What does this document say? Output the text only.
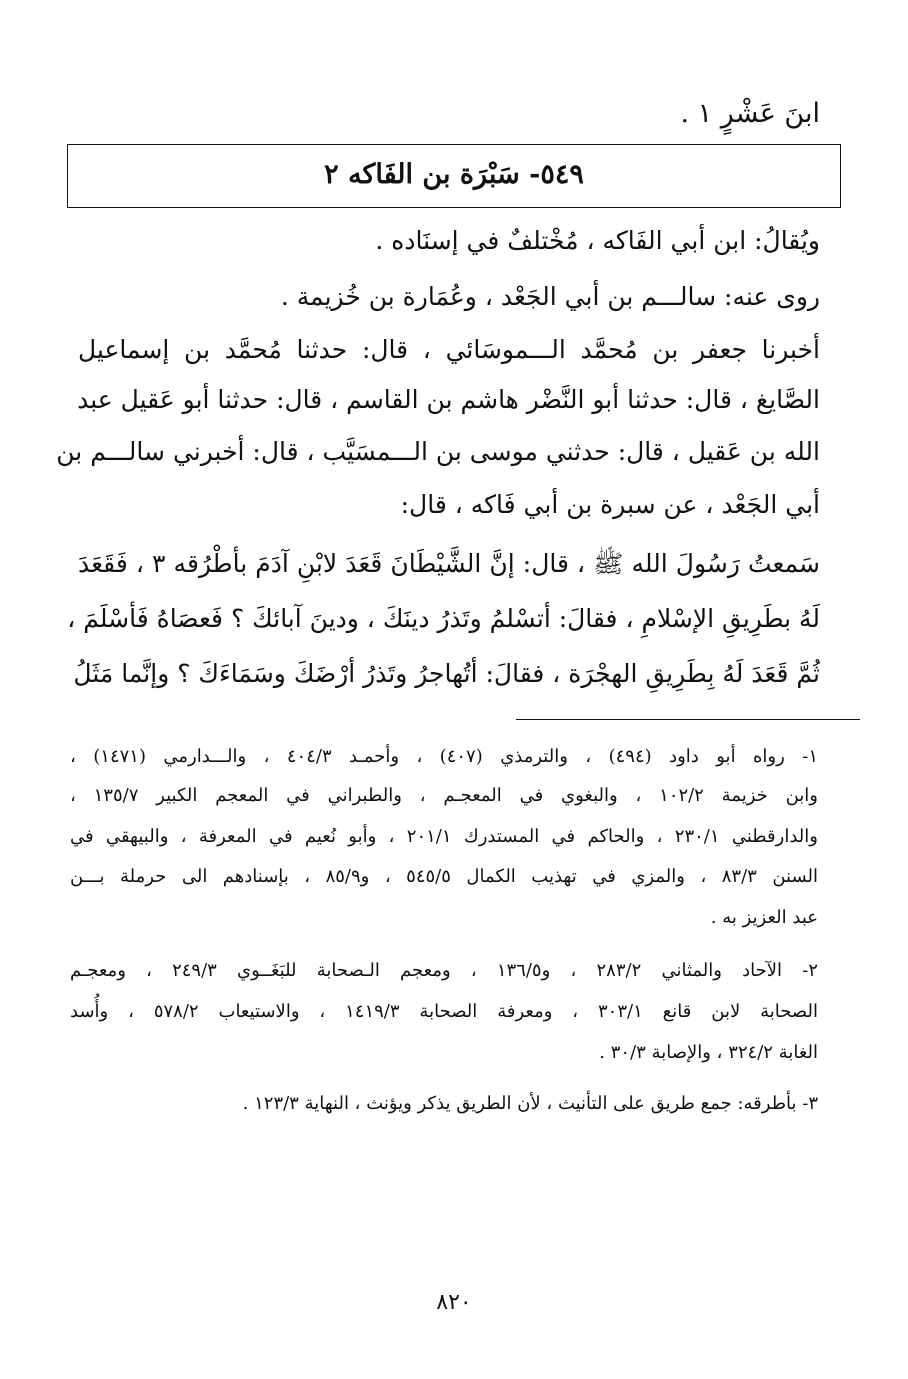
ابنَ عَشْرٍ ١ .
٥٤٩- سَبْرَة بن الفَاكه ٢
ويُقالُ: ابن أبي الفَاكه ، مُخْتلفٌ في إسنَاده .
روى عنه: سالـــم بن أبي الجَعْد ، وعُمَارة بن خُزيمة .
أخبرنا جعفر بن مُحمَّد الـــموسَائي ، قال: حدثنا مُحمَّد بن إسماعيل
الصَّايغ ، قال: حدثنا أبو النَّضْر هاشم بن القاسم ، قال: حدثنا أبو عَقيل عبد
الله بن عَقيل ، قال: حدثني موسى بن الـــمسَيَّب ، قال: أخبرني سالـــم بن
أبي الجَعْد ، عن سبرة بن أبي فَاكه ، قال:
سَمعتُ رَسُولَ الله ﷺ ، قال: إنَّ الشَّيْطَانَ قَعَدَ لابْنِ آدَمَ بأطْرُقه ٣ ، فَقَعَدَ
لَهُ بطَرِيقِ الإسْلامِ ، فقالَ: أتسْلمُ وتَذرُ دينَكَ ، ودينَ آبائكَ ؟ فَعصَاهُ فَأسْلَمَ ،
ثُمَّ قَعَدَ لَهُ بِطَرِيقِ الهجْرَة ، فقالَ: أتُهاجرُ وتَذرُ أرْضَكَ وسَمَاءَكَ ؟ وإنَّما مَثَلُ
١- رواه أبو داود (٤٩٤) ، والترمذي (٤٠٧) ، وأحمـد ٤٠٤/٣ ، والـــدارمي (١٤٧١) ،
وابن خزيمة ١٠٢/٢ ، والبغوي في المعجـم ، والطبراني في المعجم الكبير ١٣٥/٧ ،
والدارقطني ٢٣٠/١ ، والحاكم في المستدرك ٢٠١/١ ، وأبو نُعيم في المعرفة ، والبيهقي في
السنن ٨٣/٣ ، والمزي في تهذيب الكمال ٥٤٥/٥ ، و٨٥/٩ ، بإسنادهم الى حرملة بـــن
عبد العزيز به .
٢- الآحاد والمثاني ٢٨٣/٢ ، و١٣٦/٥ ، ومعجم الـصحابة للبَغَــوي ٢٤٩/٣ ، ومعجـم
الصحابة لابن قانع ٣٠٣/١ ، ومعرفة الصحابة ١٤١٩/٣ ، والاستيعاب ٥٧٨/٢ ، وأُسد
الغابة ٣٢٤/٢ ، والإصابة ٣٠/٣ .
٣- بأطرقه: جمع طريق على التأنيث ، لأن الطريق يذكر ويؤنث ، النهاية ١٢٣/٣ .
٨٢٠
